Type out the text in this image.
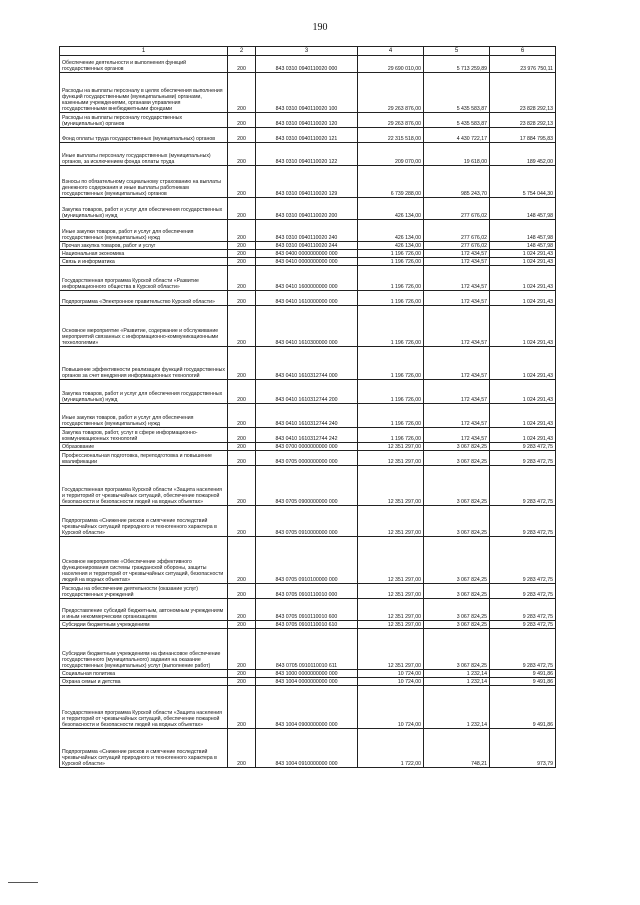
190
1	2	3	4	5	6
Обеспечение деятельности и выполнения функций государственных органов	200	843 0310 0940110020 000	29 690 010,00	5 713 259,89	23 976 750,11
Расходы на выплаты персоналу в целях обеспечения выполнения функций государственными (муниципальными) органами, казенными учреждениями, органами управления государственными внебюджетными фондами	200	843 0310 0940110020 100	29 263 876,00	5 435 583,87	23 828 292,13
Расходы на выплаты персоналу государственных (муниципальных) органов	200	843 0310 0940110020 120	29 263 876,00	5 435 583,87	23 828 292,13
Фонд оплаты труда государственных (муниципальных) органов	200	843 0310 0940110020 121	22 315 518,00	4 430 722,17	17 884 795,83
Иные выплаты персоналу государственных (муниципальных) органов, за исключением фонда оплаты труда	200	843 0310 0940110020 122	209 070,00	19 618,00	189 452,00
Взносы по обязательному социальному страхованию на выплаты денежного содержания и иные выплаты работникам государственных (муниципальных) органов	200	843 0310 0940110020 129	6 739 288,00	985 243,70	5 754 044,30
Закупка товаров, работ и услуг для обеспечения государственных (муниципальных) нужд	200	843 0310 0940110020 200	426 134,00	277 676,02	148 457,98
Иные закупки товаров, работ и услуг для обеспечения государственных (муниципальных) нужд	200	843 0310 0940110020 240	426 134,00	277 676,02	148 457,98
Прочая закупка товаров, работ и услуг	200	843 0310 0940110020 244	426 134,00	277 676,02	148 457,98
Национальная экономика	200	843 0400 0000000000 000	1 196 726,00	172 434,57	1 024 291,43
Связь и информатика	200	843 0410 0000000000 000	1 196 726,00	172 434,57	1 024 291,43
Государственная программа Курской области «Развитие информационного общества в Курской области»	200	843 0410 1600000000 000	1 196 726,00	172 434,57	1 024 291,43
Подпрограмма «Электронное правительство Курской области»	200	843 0410 1610000000 000	1 196 726,00	172 434,57	1 024 291,43
Основное мероприятие «Развитие, содержание и обслуживание мероприятий связанных с информационно-коммуникационными технологиями»	200	843 0410 1610300000 000	1 196 726,00	172 434,57	1 024 291,43
Повышение эффективности реализации функций государственных органов за счет внедрения информационных технологий	200	843 0410 1610312744 000	1 196 726,00	172 434,57	1 024 291,43
Закупка товаров, работ и услуг для обеспечения государственных (муниципальных) нужд	200	843 0410 1610312744 200	1 196 726,00	172 434,57	1 024 291,43
Иные закупки товаров, работ и услуг для обеспечения государственных (муниципальных) нужд	200	843 0410 1610312744 240	1 196 726,00	172 434,57	1 024 291,43
Закупка товаров, работ, услуг в сфере информационно-коммуникационных технологий	200	843 0410 1610312744 242	1 196 726,00	172 434,57	1 024 291,43
Образование	200	843 0700 0000000000 000	12 351 297,00	3 067 824,25	9 283 472,75
Профессиональная подготовка, переподготовка и повышение квалификации	200	843 0705 0000000000 000	12 351 297,00	3 067 824,25	9 283 472,75
Государственная программа Курской области «Защита населения и территорий от чрезвычайных ситуаций, обеспечение пожарной безопасности и безопасности людей на водных объектах»	200	843 0705 0900000000 000	12 351 297,00	3 067 824,25	9 283 472,75
Подпрограмма «Снижение рисков и смягчение последствий чрезвычайных ситуаций природного и техногенного характера в Курской области»	200	843 0705 0910000000 000	12 351 297,00	3 067 824,25	9 283 472,75
Основное мероприятие «Обеспечение эффективного функционирования системы гражданской обороны, защиты населения и территорий от чрезвычайных ситуаций, безопасности людей на водных объектах»	200	843 0705 0910100000 000	12 351 297,00	3 067 824,25	9 283 472,75
Расходы на обеспечение деятельности (оказание услуг) государственных учреждений	200	843 0705 0910110010 000	12 351 297,00	3 067 824,25	9 283 472,75
Предоставление субсидий бюджетным, автономным учреждениям и иным некоммерческим организациям	200	843 0705 0910110010 600	12 351 297,00	3 067 824,25	9 283 472,75
Субсидии бюджетным учреждениям	200	843 0705 0910110010 610	12 351 297,00	3 067 824,25	9 283 472,75
Субсидии бюджетным учреждениям на финансовое обеспечение государственного (муниципального) задания на оказание государственных (муниципальных) услуг (выполнение работ)	200	843 0705 0910110010 611	12 351 297,00	3 067 824,25	9 283 472,75
Социальная политика	200	843 1000 0000000000 000	10 724,00	1 232,14	9 491,86
Охрана семьи и детства	200	843 1004 0000000000 000	10 724,00	1 232,14	9 491,86
Государственная программа Курской области «Защита населения и территорий от чрезвычайных ситуаций, обеспечение пожарной безопасности и безопасности людей на водных объектах»	200	843 1004 0900000000 000	10 724,00	1 232,14	9 491,86
Подпрограмма «Снижение рисков и смягчение последствий чрезвычайных ситуаций природного и техногенного характера в Курской области»	200	843 1004 0910000000 000	1 722,00	748,21	973,79
